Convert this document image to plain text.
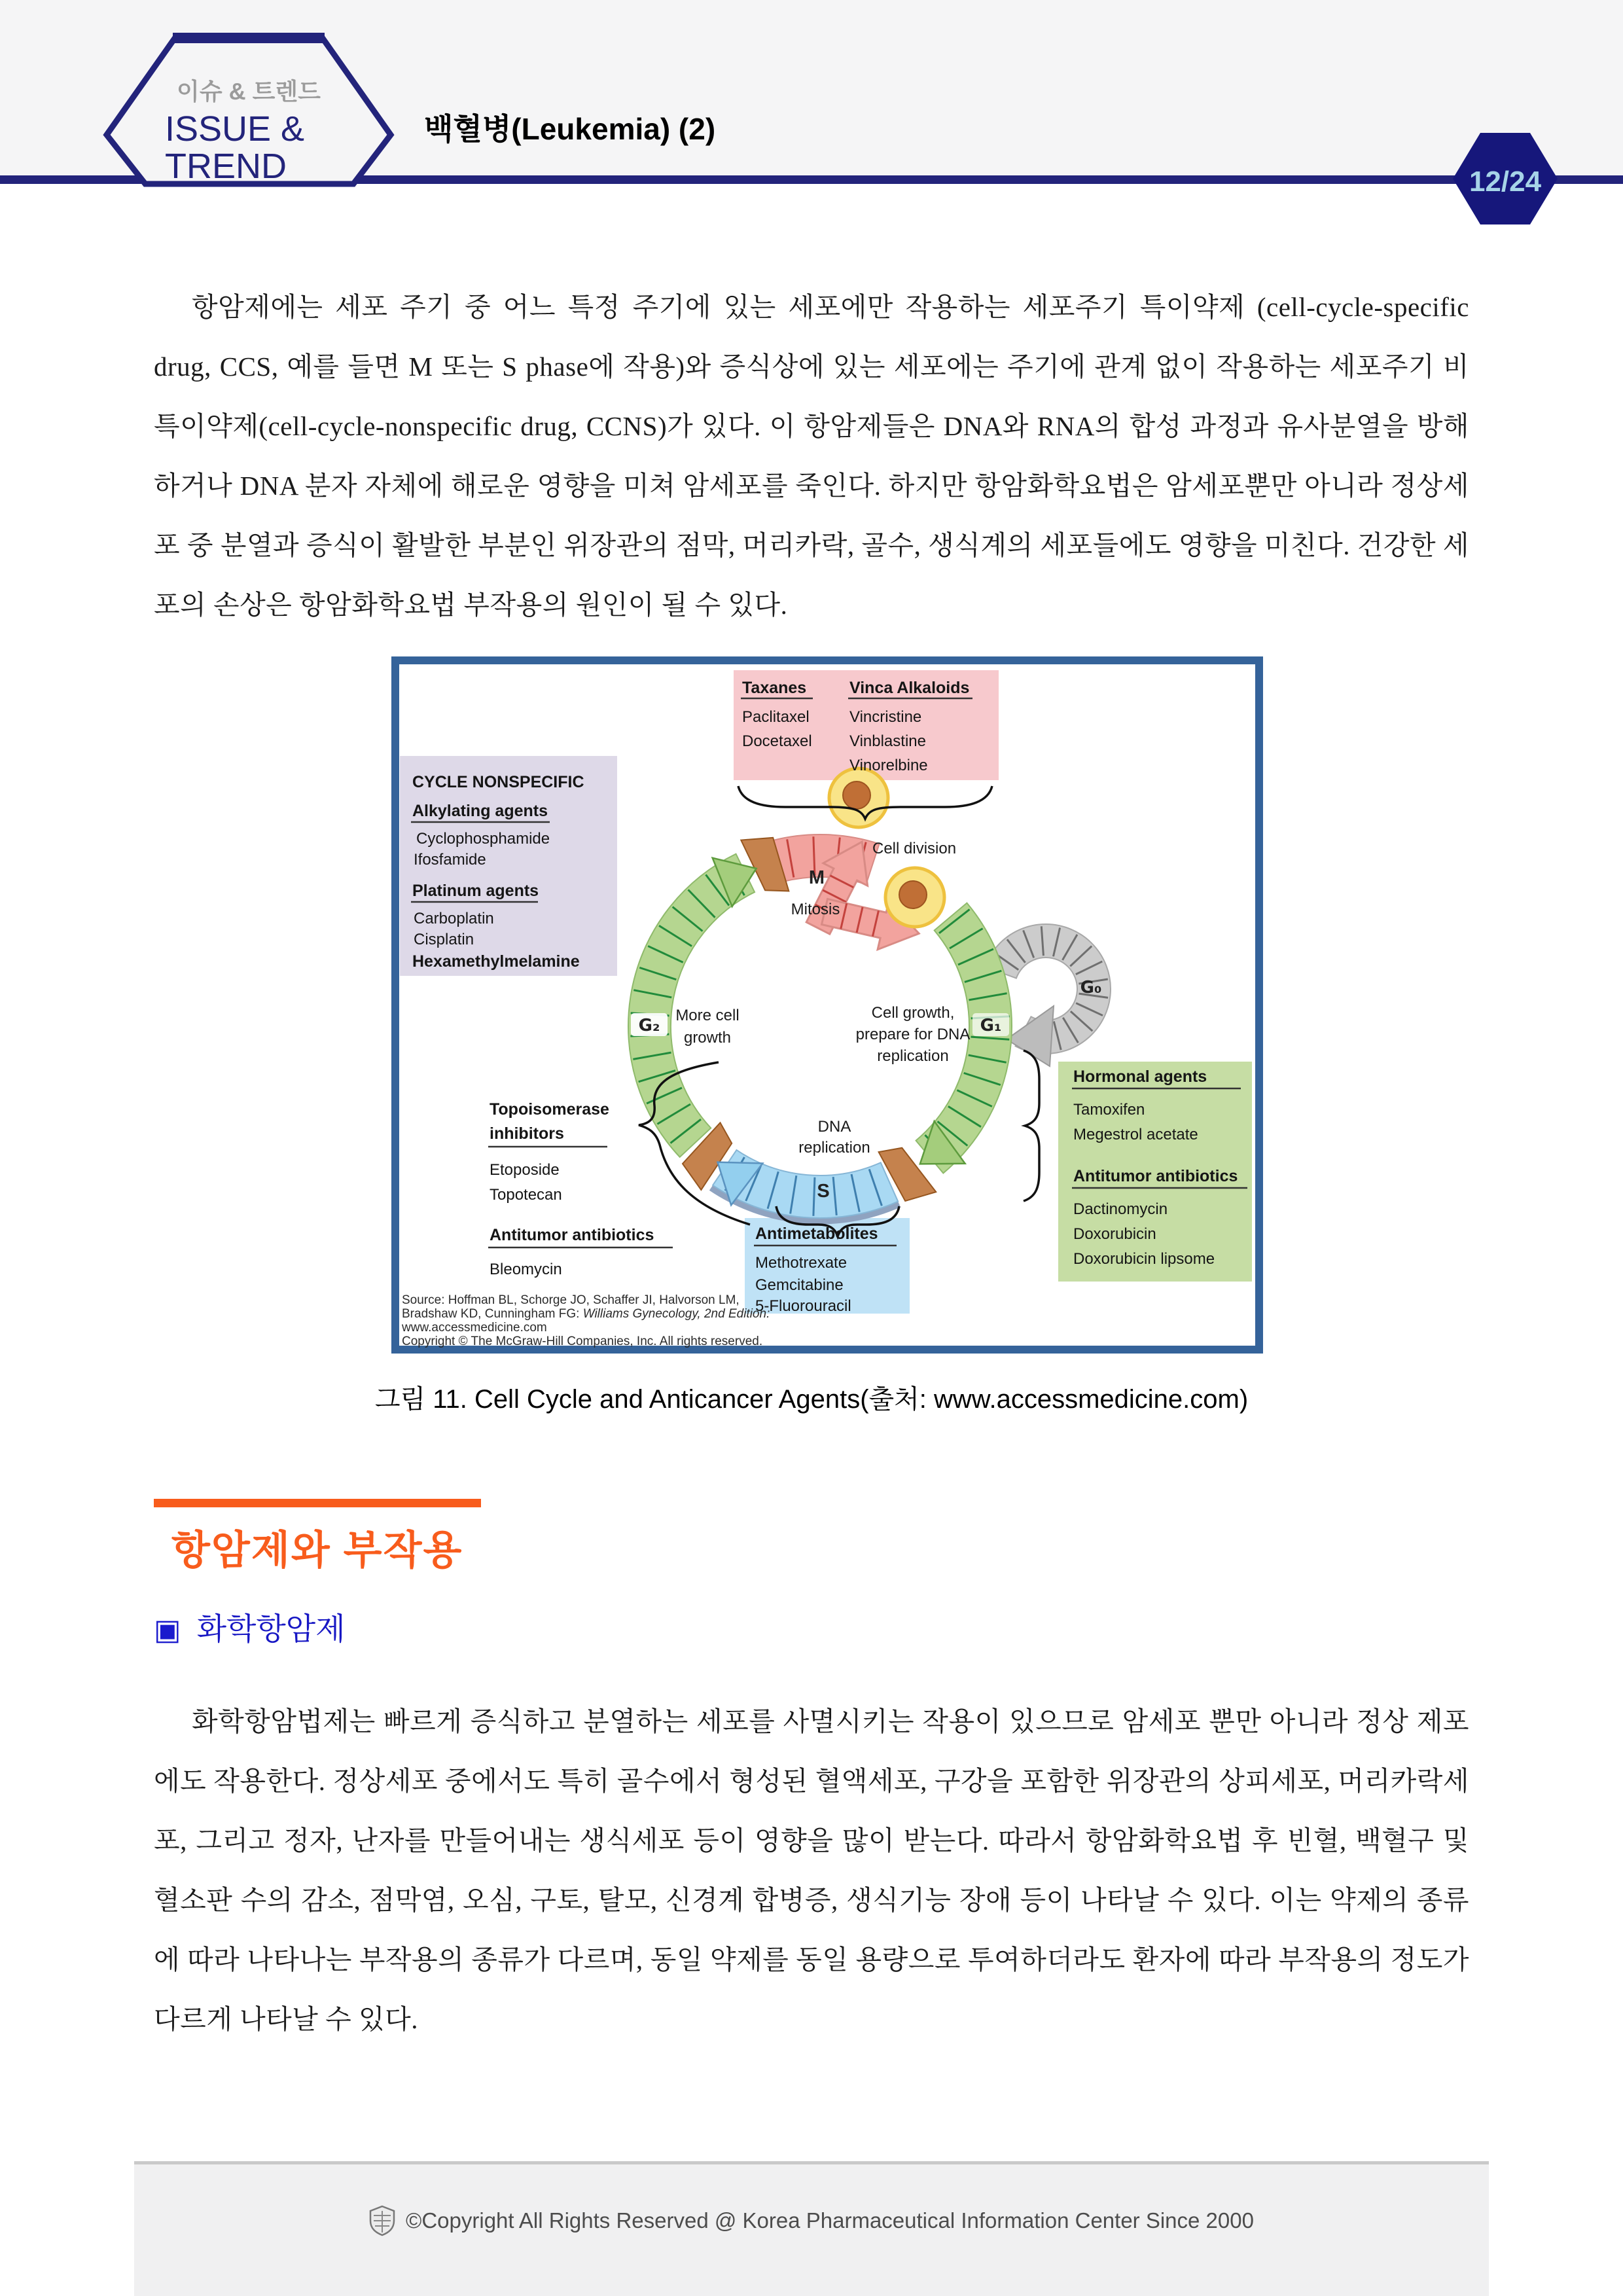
이슈 & 트렌드
ISSUE &
TREND
백혈병(Leukemia) (2)
12/24

항암제에는 세포 주기 중 어느 특정 주기에 있는 세포에만 작용하는 세포주기 특이약제 (cell-cycle-specific drug, CCS, 예를 들면 M 또는 S phase에 작용)와 증식상에 있는 세포에는 주기에 관계 없이 작용하는 세포주기 비특이약제(cell-cycle-nonspecific drug, CCNS)가 있다. 이 항암제들은 DNA와 RNA의 합성 과정과 유사분열을 방해하거나 DNA 분자 자체에 해로운 영향을 미쳐 암세포를 죽인다. 하지만 항암화학요법은 암세포뿐만 아니라 정상세포 중 분열과 증식이 활발한 부분인 위장관의 점막, 머리카락, 골수, 생식계의 세포들에도 영향을 미친다. 건강한 세포의 손상은 항암화학요법 부작용의 원인이 될 수 있다.

Taxanes
Paclitaxel
Docetaxel
Vinca Alkaloids
Vincristine
Vinblastine
Vinorelbine
CYCLE NONSPECIFIC
Alkylating agents
Cyclophosphamide
Ifosfamide
Platinum agents
Carboplatin
Cisplatin
Hexamethylmelamine
Hormonal agents
Tamoxifen
Megestrol acetate
Antitumor antibiotics
Dactinomycin
Doxorubicin
Doxorubicin lipsome
Antimetabolites
Methotrexate
Gemcitabine
5-Fluorouracil
Topoisomerase
inhibitors
Etoposide
Topotecan
Antitumor antibiotics
Bleomycin
Cell division
Mitosis
M
S
G₂	G₁
G₀
More cell
growth
Cell growth,
prepare for DNA
replication
DNA
replication
Source: Hoffman BL, Schorge JO, Schaffer JI, Halvorson LM,
Bradshaw KD, Cunningham FG: Williams Gynecology, 2nd Edition:
www.accessmedicine.com
Copyright © The McGraw-Hill Companies, Inc. All rights reserved.
그림 11. Cell Cycle and Anticancer Agents(출처: www.accessmedicine.com)
항암제와 부작용
▣ 화학항암제

화학항암법제는 빠르게 증식하고 분열하는 세포를 사멸시키는 작용이 있으므로 암세포 뿐만 아니라 정상 제포에도 작용한다. 정상세포 중에서도 특히 골수에서 형성된 혈액세포, 구강을 포함한 위장관의 상피세포, 머리카락세포, 그리고 정자, 난자를 만들어내는 생식세포 등이 영향을 많이 받는다. 따라서 항암화학요법 후 빈혈, 백혈구 및 혈소판 수의 감소, 점막염, 오심, 구토, 탈모, 신경계 합병증, 생식기능 장애 등이 나타날 수 있다. 이는 약제의 종류에 따라 나타나는 부작용의 종류가 다르며, 동일 약제를 동일 용량으로 투여하더라도 환자에 따라 부작용의 정도가 다르게 나타날 수 있다.

©Copyright All Rights Reserved @ Korea Pharmaceutical Information Center Since 2000
